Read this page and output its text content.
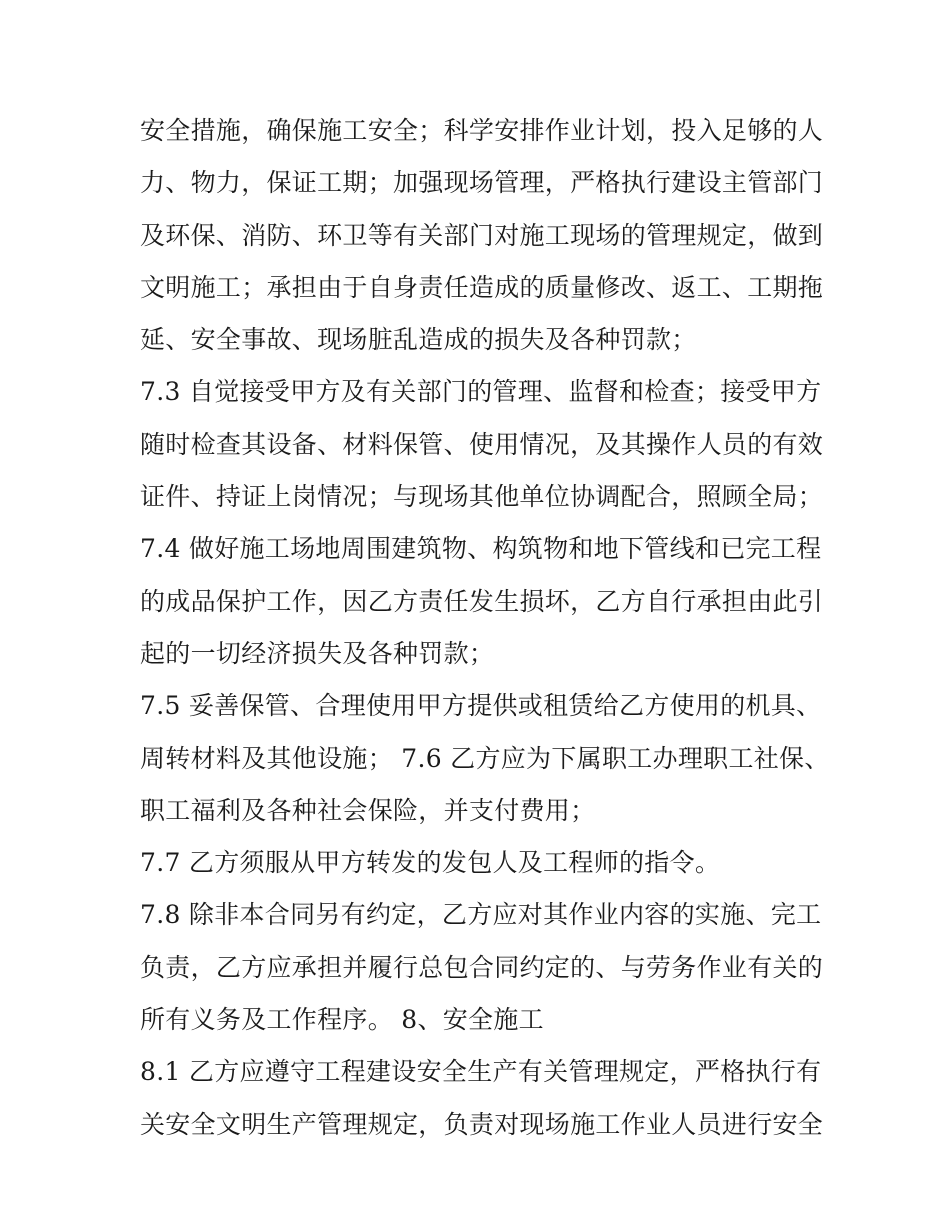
安全措施，确保施工安全；科学安排作业计划，投入足够的人
力、物力，保证工期；加强现场管理，严格执行建设主管部门
及环保、消防、环卫等有关部门对施工现场的管理规定，做到
文明施工；承担由于自身责任造成的质量修改、返工、工期拖
延、安全事故、现场脏乱造成的损失及各种罚款；
7.3 自觉接受甲方及有关部门的管理、监督和检查；接受甲方
随时检查其设备、材料保管、使用情况，及其操作人员的有效
证件、持证上岗情况；与现场其他单位协调配合，照顾全局；
7.4 做好施工场地周围建筑物、构筑物和地下管线和已完工程
的成品保护工作，因乙方责任发生损坏，乙方自行承担由此引
起的一切经济损失及各种罚款；
7.5 妥善保管、合理使用甲方提供或租赁给乙方使用的机具、
周转材料及其他设施； 7.6 乙方应为下属职工办理职工社保、
职工福利及各种社会保险，并支付费用；
7.7 乙方须服从甲方转发的发包人及工程师的指令。
7.8 除非本合同另有约定，乙方应对其作业内容的实施、完工
负责，乙方应承担并履行总包合同约定的、与劳务作业有关的
所有义务及工作程序。 8、安全施工
8.1 乙方应遵守工程建设安全生产有关管理规定，严格执行有
关安全文明生产管理规定，负责对现场施工作业人员进行安全
